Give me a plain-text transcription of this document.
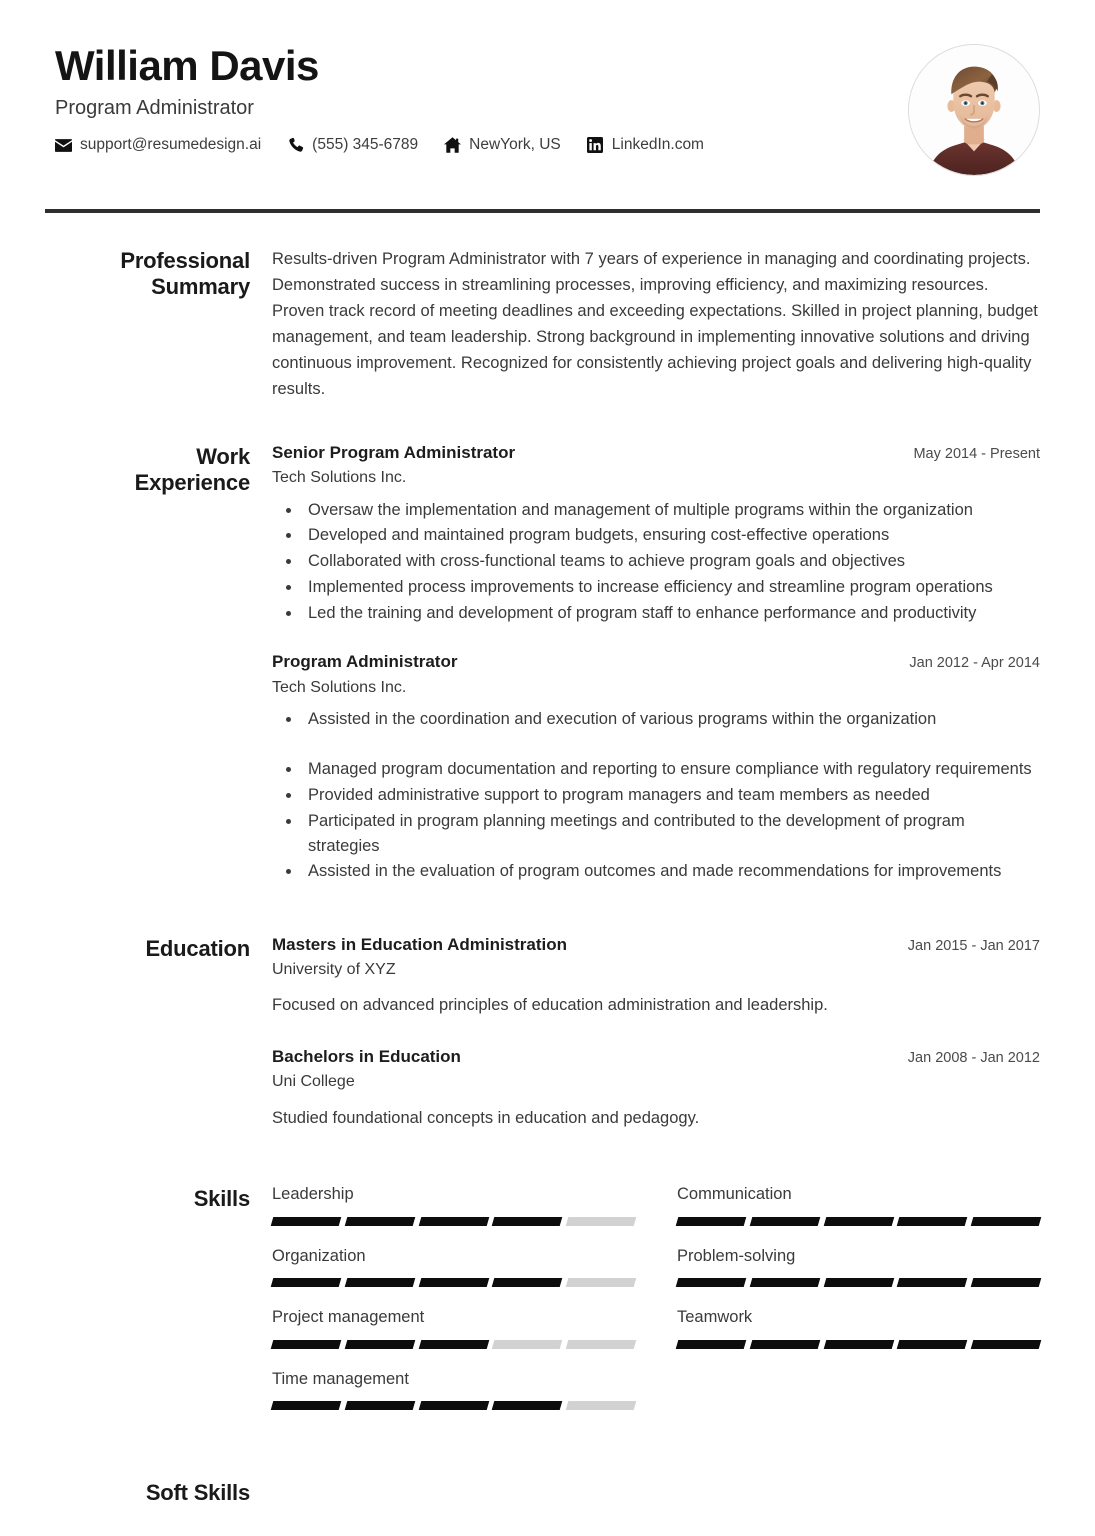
William Davis
Program Administrator
support@resumedesign.ai	(555) 345-6789	NewYork, US	LinkedIn.com
Professional
Summary

Results-driven Program Administrator with 7 years of experience in managing and coordinating projects. Demonstrated success in streamlining processes, improving efficiency, and maximizing resources. Proven track record of meeting deadlines and exceeding expectations. Skilled in project planning, budget management, and team leadership. Strong background in implementing innovative solutions and driving continuous improvement. Recognized for consistently achieving project goals and delivering high-quality results.

Work
Experience
Senior Program Administrator	May 2014 - Present
Tech Solutions Inc.
• Oversaw the implementation and management of multiple programs within the organization
• Developed and maintained program budgets, ensuring cost-effective operations
• Collaborated with cross-functional teams to achieve program goals and objectives
• Implemented process improvements to increase efficiency and streamline program operations
• Led the training and development of program staff to enhance performance and productivity
Program Administrator	Jan 2012 - Apr 2014
Tech Solutions Inc.
• Assisted in the coordination and execution of various programs within the organization
• Managed program documentation and reporting to ensure compliance with regulatory requirements
• Provided administrative support to program managers and team members as needed
• Participated in program planning meetings and contributed to the development of program strategies
• Assisted in the evaluation of program outcomes and made recommendations for improvements
Education Masters in Education Administration	Jan 2015 - Jan 2017
University of XYZ
Focused on advanced principles of education administration and leadership.
Bachelors in Education	Jan 2008 - Jan 2012
Uni College
Studied foundational concepts in education and pedagogy.
Skills Leadership	Communication
Organization	Problem-solving
Project management	Teamwork
Time management
Soft Skills
